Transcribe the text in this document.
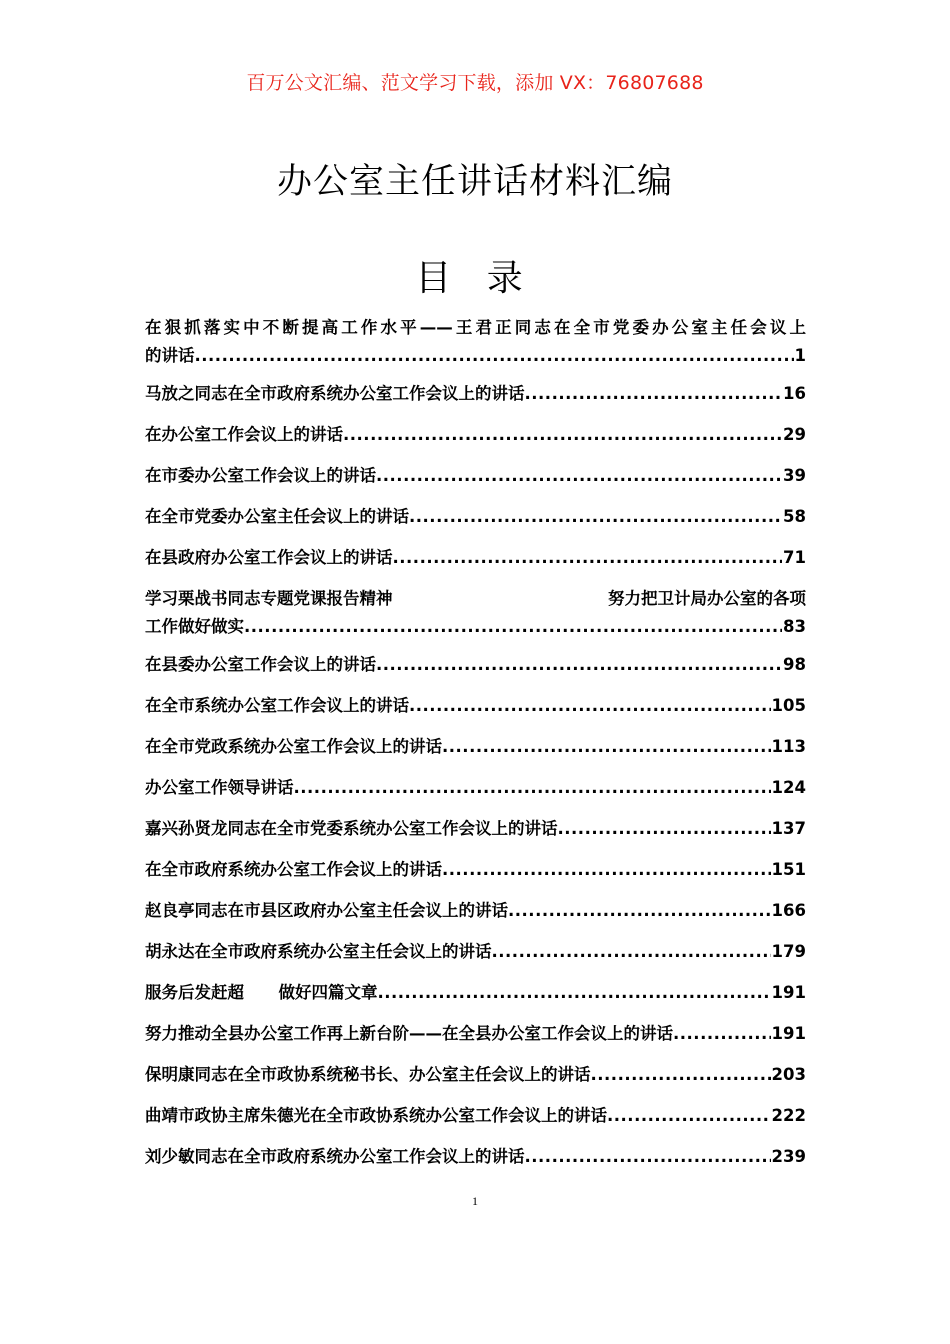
百万公文汇编、范文学习下载，添加 VX：76807688
办公室主任讲话材料汇编
目 录
在狠抓落实中不断提高工作水平——王君正同志在全市党委办公室主任会议上
的讲话 .....	1
马放之同志在全市政府系统办公室工作会议上的讲话 .....	16
在办公室工作会议上的讲话 .....	29
在市委办公室工作会议上的讲话 .....	39
在全市党委办公室主任会议上的讲话 .....	58
在县政府办公室工作会议上的讲话 .....	71
学习栗战书同志专题党课报告精神	努力把卫计局办公室的各项
工作做好做实 .....	83
在县委办公室工作会议上的讲话 .....	98
在全市系统办公室工作会议上的讲话 .....	105
在全市党政系统办公室工作会议上的讲话 .....	113
办公室工作领导讲话 .....	124
嘉兴孙贤龙同志在全市党委系统办公室工作会议上的讲话 .....	137
在全市政府系统办公室工作会议上的讲话 .....	151
赵良亭同志在市县区政府办公室主任会议上的讲话 .....	166
胡永达在全市政府系统办公室主任会议上的讲话 .....	179
服务后发赶超 做好四篇文章 .....	191
努力推动全县办公室工作再上新台阶——在全县办公室工作会议上的讲话 .....	191
保明康同志在全市政协系统秘书长、办公室主任会议上的讲话 .....	203
曲靖市政协主席朱德光在全市政协系统办公室工作会议上的讲话 .....	222
刘少敏同志在全市政府系统办公室工作会议上的讲话 .....	239
1
